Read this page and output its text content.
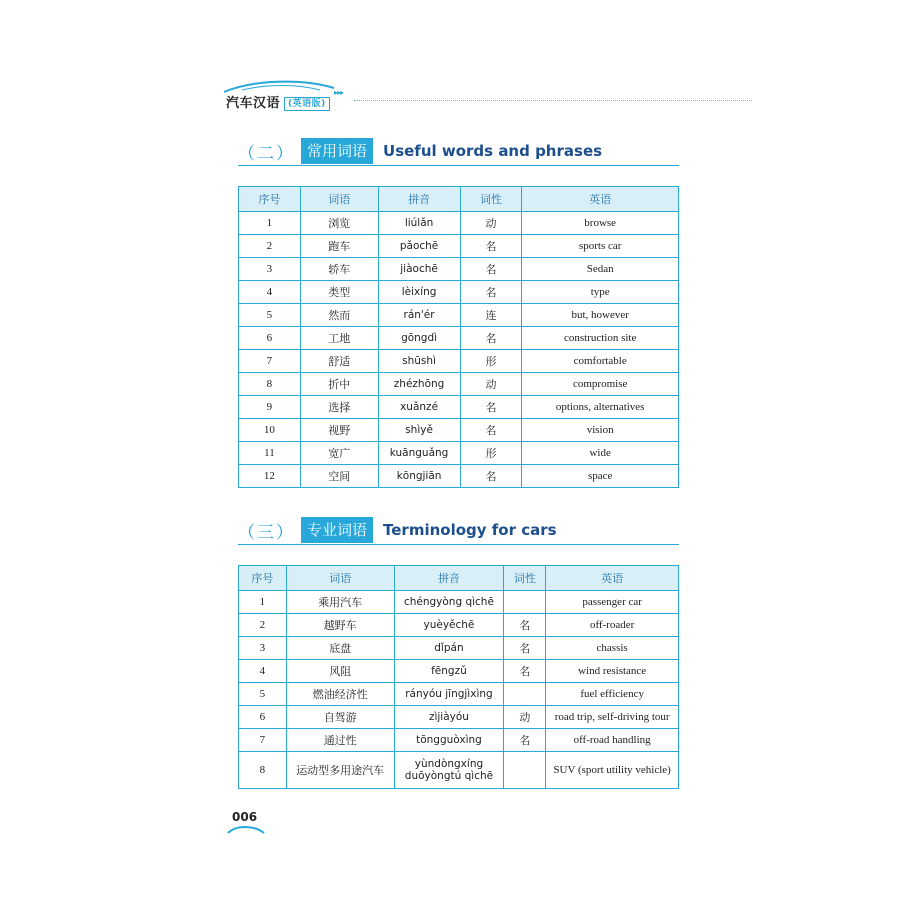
▸▸▸
汽车汉语 (英语版)
（二） 常用词语	Useful words and phrases
序号	词语	拼音	词性	英语
1	浏览	liúlǎn	动	browse
2	跑车	pǎochē	名	sports car
3	轿车	jiàochē	名	Sedan
4	类型	lèixíng	名	type
5	然而	rán'ér	连	but, however
6	工地	gōngdì	名	construction site
7	舒适	shūshì	形	comfortable
8	折中	zhézhōng	动	compromise
9	选择	xuǎnzé	名	options, alternatives
10	视野	shìyě	名	vision
11	宽广	kuānguǎng	形	wide
12	空间	kōngjiān	名	space
（三） 专业词语	Terminology for cars
序号	词语	拼音	词性	英语
1	乘用汽车	chéngyòng qìchē		passenger car
2	越野车	yuèyěchē	名	off-roader
3	底盘	dǐpán	名	chassis
4	风阻	fēngzǔ	名	wind resistance
5	燃油经济性	rányóu jīngjìxìng		fuel efficiency
6	自驾游	zìjiàyóu	动	road trip, self-driving tour
7	通过性	tōngguòxìng	名	off-road handling
8	运动型多用途汽车	yùndòngxíng duōyòngtú qìchē		SUV (sport utility vehicle)
006
